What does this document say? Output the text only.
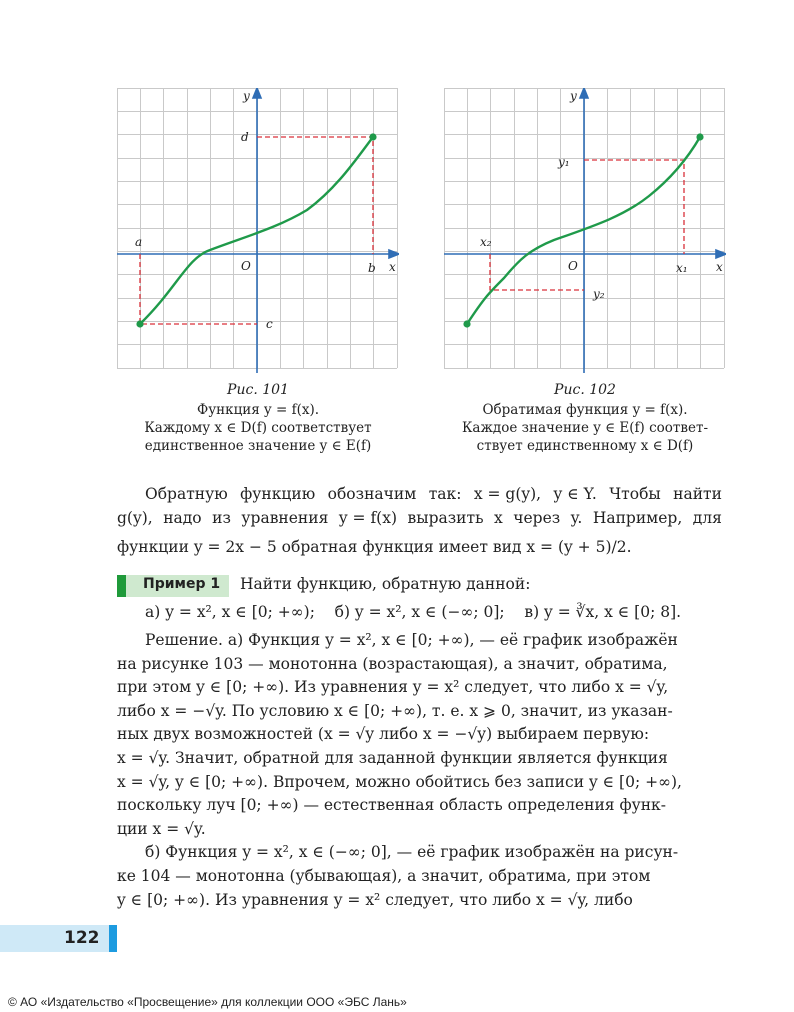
y
x
O
a
b
c
d
y
x
O
x₂
x₁
y₁
y₂
Рис. 101
Функция y = f(x).
Каждому x ∈ D(f) соответствует
единственное значение y ∈ E(f)
Рис. 102
Обратимая функция y = f(x).
Каждое значение y ∈ E(f) соответ-
ствует единственному x ∈ D(f)
Обратную функцию обозначим так: x = g(y), y ∈ Y. Чтобы найти
g(y), надо из уравнения y = f(x) выразить x через y. Например, для
функции y = 2x − 5 обратная функция имеет вид x = (y + 5)/2.
Пример 1 Найти функцию, обратную данной:
а) y = x², x ∈ [0; +∞);    б) y = x², x ∈ (−∞; 0];    в) y = ∛x, x ∈ [0; 8].
Решение. а) Функция y = x², x ∈ [0; +∞), — её график изображён
на рисунке 103 — монотонна (возрастающая), а значит, обратима,
при этом y ∈ [0; +∞). Из уравнения y = x² следует, что либо x = √y,
либо x = −√y. По условию x ∈ [0; +∞), т. е. x ⩾ 0, значит, из указан-
ных двух возможностей (x = √y либо x = −√y) выбираем первую:
x = √y. Значит, обратной для заданной функции является функция
x = √y, y ∈ [0; +∞). Впрочем, можно обойтись без записи y ∈ [0; +∞),
поскольку луч [0; +∞) — естественная область определения функ-
ции x = √y.
б) Функция y = x², x ∈ (−∞; 0], — её график изображён на рисун-
ке 104 — монотонна (убывающая), а значит, обратима, при этом
y ∈ [0; +∞). Из уравнения y = x² следует, что либо x = √y, либо
122
© АО «Издательство «Просвещение» для коллекции ООО «ЭБС Лань»
